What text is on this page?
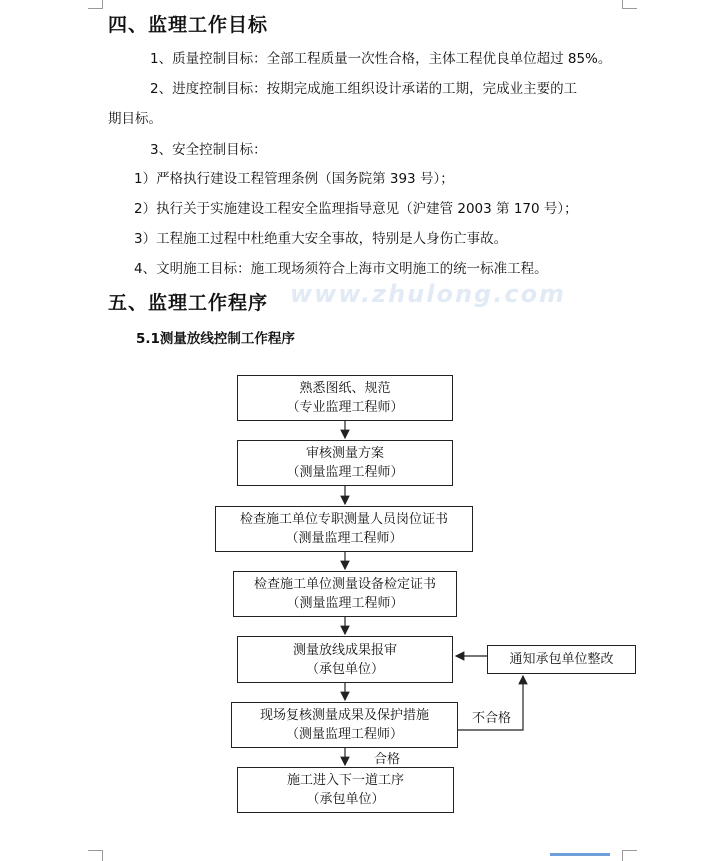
四、监理工作目标
1、质量控制目标：全部工程质量一次性合格，主体工程优良单位超过 85%。
2、进度控制目标：按期完成施工组织设计承诺的工期，完成业主要的工
期目标。
3、安全控制目标：
1）严格执行建设工程管理条例（国务院第 393 号）；
2）执行关于实施建设工程安全监理指导意见（沪建管 2003 第 170 号）；
3）工程施工过程中杜绝重大安全事故，特别是人身伤亡事故。
4、文明施工目标：施工现场须符合上海市文明施工的统一标准工程。
五、监理工作程序 www.zhulong.com
5.1测量放线控制工作程序
熟悉图纸、规范
（专业监理工程师）
审核测量方案
（测量监理工程师）
检查施工单位专职测量人员岗位证书
（测量监理工程师）
检查施工单位测量设备检定证书
（测量监理工程师）
测量放线成果报审
（承包单位）
现场复核测量成果及保护措施
（测量监理工程师）
施工进入下一道工序
（承包单位）
通知承包单位整改
不合格
合格
